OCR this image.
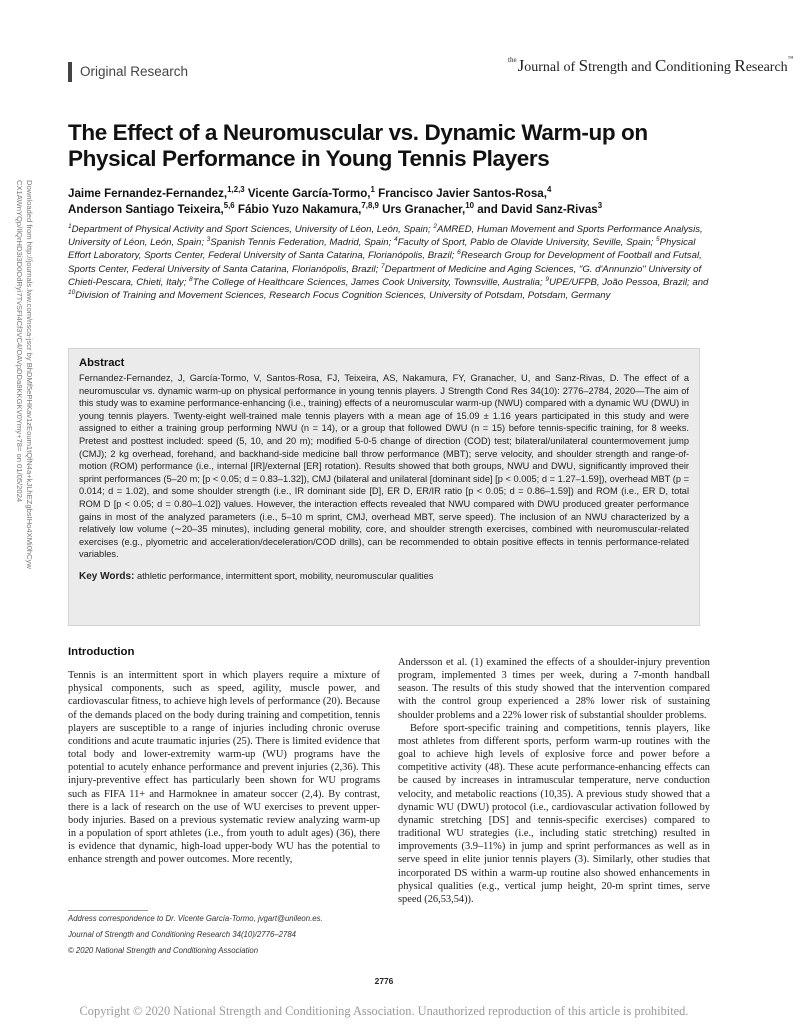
Original Research
$^{the}$Journal of Strength and Conditioning Research™
Downloaded from http://journals.lww.com/nsca-jscr by BhDMf5ePHKav1zEoum1tQfN4a+kJLhEZgbsIHo4XMi0hCyw
CX1AWnYQp/IlQrHD3i3D0OdRyi7TvSFl4Cf3VC4/OAVpDDa8KKGKV0Ymy+78= on 01/05/2024
The Effect of a Neuromuscular vs. Dynamic Warm-up on Physical Performance in Young Tennis Players
Jaime Fernandez-Fernandez,$^{1,2,3}$ Vicente García-Tormo,$^1$ Francisco Javier Santos-Rosa,$^4$
Anderson Santiago Teixeira,$^{5,6}$ Fábio Yuzo Nakamura,$^{7,8,9}$ Urs Granacher,$^{10}$ and David Sanz-Rivas$^3$
$^1$Department of Physical Activity and Sport Sciences, University of Léon, León, Spain; $^2$AMRED, Human Movement and Sports Performance Analysis, University of Léon, León, Spain; $^3$Spanish Tennis Federation, Madrid, Spain; $^4$Faculty of Sport, Pablo de Olavide University, Seville, Spain; $^5$Physical Effort Laboratory, Sports Center, Federal University of Santa Catarina, Florianópolis, Brazil; $^6$Research Group for Development of Football and Futsal, Sports Center, Federal University of Santa Catarina, Florianópolis, Brazil; $^7$Department of Medicine and Aging Sciences, "G. d'Annunzio" University of Chieti-Pescara, Chieti, Italy; $^8$The College of Healthcare Sciences, James Cook University, Townsville, Australia; $^9$UPE/UFPB, João Pessoa, Brazil; and $^{10}$Division of Training and Movement Sciences, Research Focus Cognition Sciences, University of Potsdam, Potsdam, Germany
Abstract
Fernandez-Fernandez, J, García-Tormo, V, Santos-Rosa, FJ, Teixeira, AS, Nakamura, FY, Granacher, U, and Sanz-Rivas, D. The effect of a neuromuscular vs. dynamic warm-up on physical performance in young tennis players. J Strength Cond Res 34(10): 2776–2784, 2020—The aim of this study was to examine performance-enhancing (i.e., training) effects of a neuromuscular warm-up (NWU) compared with a dynamic WU (DWU) in young tennis players. Twenty-eight well-trained male tennis players with a mean age of 15.09 ± 1.16 years participated in this study and were assigned to either a training group performing NWU (n = 14), or a group that followed DWU (n = 15) before tennis-specific training, for 8 weeks. Pretest and posttest included: speed (5, 10, and 20 m); modified 5-0-5 change of direction (COD) test; bilateral/unilateral countermovement jump (CMJ); 2 kg overhead, forehand, and backhand-side medicine ball throw performance (MBT); serve velocity, and shoulder strength and range-of-motion (ROM) performance (i.e., internal [IR]/external [ER] rotation). Results showed that both groups, NWU and DWU, significantly improved their sprint performances (5–20 m; [p < 0.05; d = 0.83–1.32]), CMJ (bilateral and unilateral [dominant side] [p < 0.005; d = 1.27–1.59]), overhead MBT (p = 0.014; d = 1.02), and some shoulder strength (i.e., IR dominant side [D], ER D, ER/IR ratio [p < 0.05; d = 0.86–1.59]) and ROM (i.e., ER D, total ROM D [p < 0.05; d = 0.80–1.02]) values. However, the interaction effects revealed that NWU compared with DWU produced greater performance gains in most of the analyzed parameters (i.e., 5–10 m sprint, CMJ, overhead MBT, serve speed). The inclusion of an NWU characterized by a relatively low volume (∼20–35 minutes), including general mobility, core, and shoulder strength exercises, combined with neuromuscular-related exercises (e.g., plyometric and acceleration/deceleration/COD drills), can be recommended to obtain positive effects in tennis performance-related variables.
Key Words: athletic performance, intermittent sport, mobility, neuromuscular qualities
Introduction

Tennis is an intermittent sport in which players require a mixture of physical components, such as speed, agility, muscle power, and cardiovascular fitness, to achieve high levels of performance (20). Because of the demands placed on the body during training and competition, tennis players are susceptible to a range of injuries including chronic overuse conditions and acute traumatic injuries (25). There is limited evidence that total body and lower-extremity warm-up (WU) programs have the potential to acutely enhance performance and prevent injuries (2,36). This injury-preventive effect has particularly been shown for WU programs such as FIFA 11+ and Harmoknee in amateur soccer (2,4). By contrast, there is a lack of research on the use of WU exercises to prevent upper-body injuries. Based on a previous systematic review analyzing warm-up in a population of sport athletes (i.e., from youth to adult ages) (36), there is evidence that dynamic, high-load upper-body WU has the potential to enhance strength and power outcomes. More recently,

Andersson et al. (1) examined the effects of a shoulder-injury prevention program, implemented 3 times per week, during a 7-month handball season. The results of this study showed that the intervention compared with the control group experienced a 28% lower risk of sustaining shoulder problems and a 22% lower risk of substantial shoulder problems.

Before sport-specific training and competitions, tennis players, like most athletes from different sports, perform warm-up routines with the goal to achieve high levels of explosive force and power before a competitive activity (48). These acute performance-enhancing effects can be caused by increases in intramuscular temperature, nerve conduction velocity, and metabolic reactions (10,35). A previous study showed that a dynamic WU (DWU) protocol (i.e., cardiovascular activation followed by dynamic stretching [DS] and tennis-specific exercises) compared to traditional WU strategies (i.e., including static stretching) resulted in improvements (3.9–11%) in jump and sprint performances as well as in serve speed in elite junior tennis players (3). Similarly, other studies that incorporated DS within a warm-up routine also showed enhancements in physical qualities (e.g., vertical jump height, 20-m sprint times, serve speed (26,53,54)).

Address correspondence to Dr. Vicente García-Tormo, jvgart@unileon.es.
Journal of Strength and Conditioning Research 34(10)/2776–2784
© 2020 National Strength and Conditioning Association
2776
Copyright © 2020 National Strength and Conditioning Association. Unauthorized reproduction of this article is prohibited.
